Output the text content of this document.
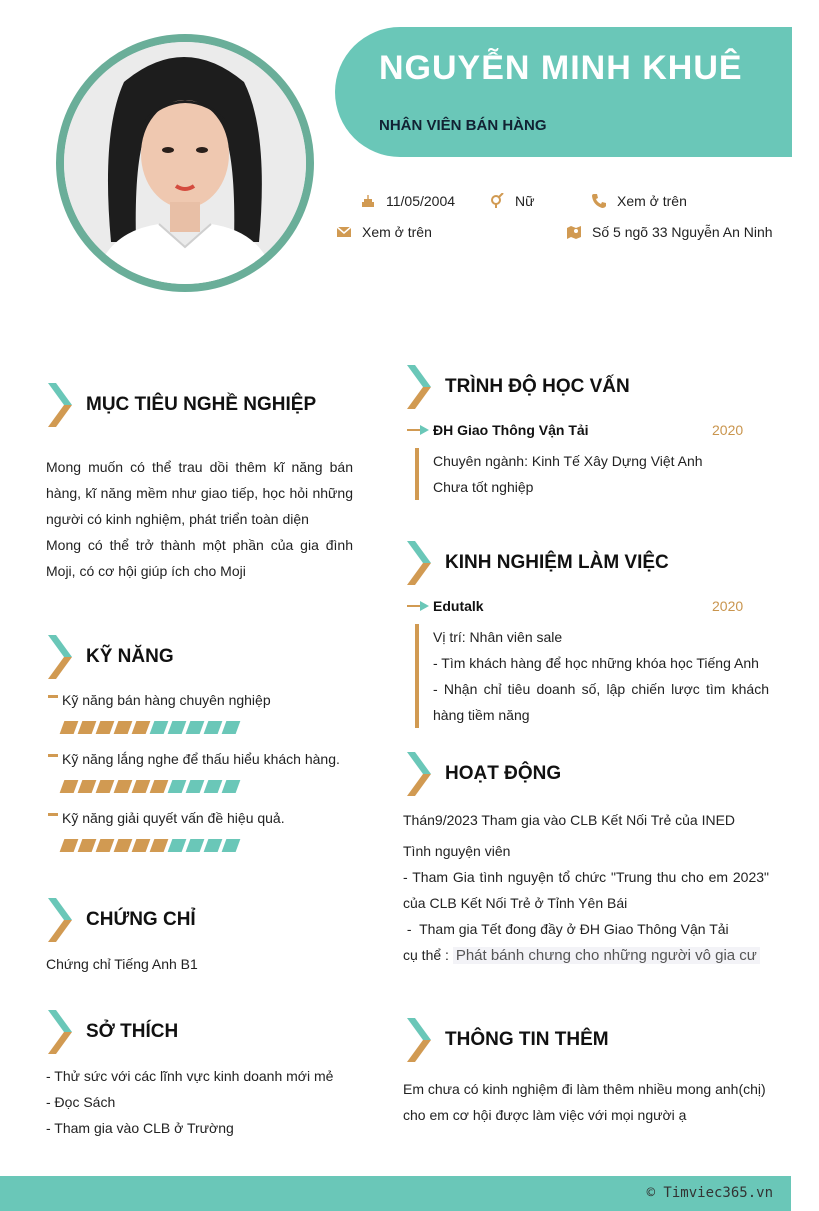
NGUYỄN MINH KHUÊ
NHÂN VIÊN BÁN HÀNG
11/05/2004	Nữ	Xem ở trên
Xem ở trên	Số 5 ngõ 33 Nguyễn An Ninh
MỤC TIÊU NGHỀ NGHIỆP
Mong muốn có thể trau dồi thêm kĩ năng bán hàng, kĩ năng mềm như giao tiếp, học hỏi những người có kinh nghiệm, phát triển toàn diện
Mong có thể trở thành một phần của gia đình Moji, có cơ hội giúp ích cho Moji
KỸ NĂNG
Kỹ năng bán hàng chuyên nghiệp
Kỹ năng lắng nghe để thấu hiểu khách hàng.
Kỹ năng giải quyết vấn đề hiệu quả.
CHỨNG CHỈ
Chứng chỉ Tiếng Anh B1
SỞ THÍCH
- Thử sức với các lĩnh vực kinh doanh mới mẻ
- Đọc Sách
- Tham gia vào CLB ở Trường
TRÌNH ĐỘ HỌC VẤN
ĐH Giao Thông Vận Tải	2020
Chuyên ngành: Kinh Tế Xây Dựng Việt Anh
Chưa tốt nghiệp
KINH NGHIỆM LÀM VIỆC
Edutalk	2020
Vị trí: Nhân viên sale
- Tìm khách hàng để học những khóa học Tiếng Anh
- Nhận chỉ tiêu doanh số, lập chiến lược tìm khách hàng tiềm năng
HOẠT ĐỘNG
Thán9/2023 Tham gia vào CLB Kết Nối Trẻ của INED
Tình nguyện viên
- Tham Gia tình nguyện tổ chức "Trung thu cho em 2023" của CLB Kết Nối Trẻ ở Tỉnh Yên Bái
-  Tham gia Tết đong đầy ở ĐH Giao Thông Vận Tải
cụ thể : Phát bánh chưng cho những người vô gia cư
THÔNG TIN THÊM
Em chưa có kinh nghiệm đi làm thêm nhiều mong anh(chị) cho em cơ hội được làm việc với mọi người ạ
© Timviec365.vn
